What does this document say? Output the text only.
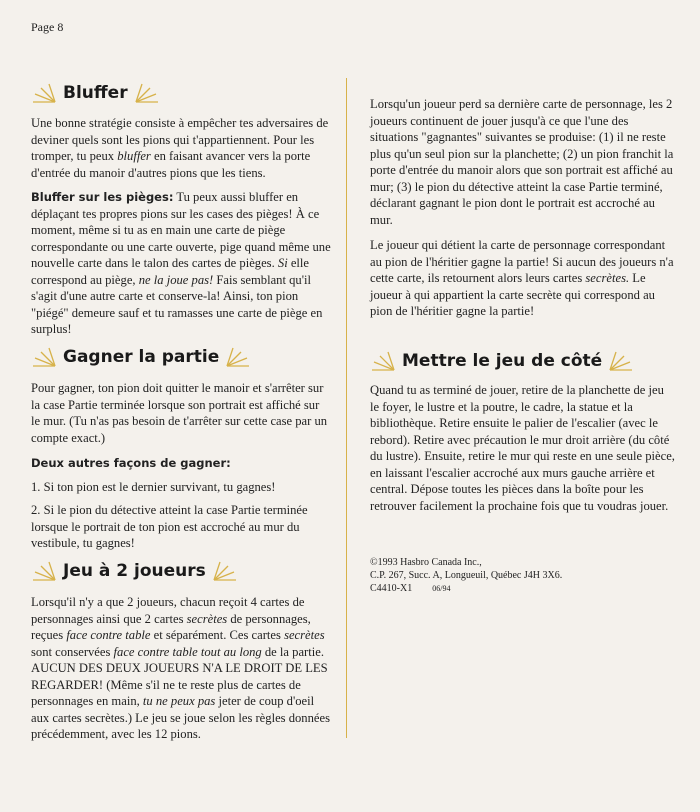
Page 8
Bluffer

Une bonne stratégie consiste à empêcher tes adversaires de deviner quels sont les pions qui t'appartiennent. Pour les tromper, tu peux bluffer en faisant avancer vers la porte d'entrée du manoir d'autres pions que les tiens.

Bluffer sur les pièges: Tu peux aussi bluffer en déplaçant tes propres pions sur les cases des pièges! À ce moment, même si tu as en main une carte de piège correspondante ou une carte ouverte, pige quand même une nouvelle carte dans le talon des cartes de pièges. Si elle correspond au piège, ne la joue pas! Fais semblant qu'il s'agit d'une autre carte et conserve-la! Ainsi, ton pion "piégé" demeure sauf et tu ramasses une carte de piège en surplus!

Gagner la partie

Pour gagner, ton pion doit quitter le manoir et s'arrêter sur la case Partie terminée lorsque son portrait est affiché sur le mur. (Tu n'as pas besoin de t'arrêter sur cette case par un compte exact.)

Deux autres façons de gagner:

1. Si ton pion est le dernier survivant, tu gagnes!

2. Si le pion du détective atteint la case Partie terminée lorsque le portrait de ton pion est accroché au mur du vestibule, tu gagnes!

Jeu à 2 joueurs

Lorsqu'il n'y a que 2 joueurs, chacun reçoit 4 cartes de personnages ainsi que 2 cartes secrètes de personnages, reçues face contre table et séparément. Ces cartes secrètes sont conservées face contre table tout au long de la partie. AUCUN DES DEUX JOUEURS N'A LE DROIT DE LES REGARDER! (Même s'il ne te reste plus de cartes de personnages en main, tu ne peux pas jeter de coup d'oeil aux cartes secrètes.) Le jeu se joue selon les règles données précédemment, avec les 12 pions.

Lorsqu'un joueur perd sa dernière carte de personnage, les 2 joueurs continuent de jouer jusqu'à ce que l'une des situations "gagnantes" suivantes se produise: (1) il ne reste plus qu'un seul pion sur la planchette; (2) un pion franchit la porte d'entrée du manoir alors que son portrait est affiché au mur; (3) le pion du détective atteint la case Partie terminé, déclarant gagnant le pion dont le portrait est accroché au mur.

Le joueur qui détient la carte de personnage correspondant au pion de l'héritier gagne la partie! Si aucun des joueurs n'a cette carte, ils retournent alors leurs cartes secrètes. Le joueur à qui appartient la carte secrète qui correspond au pion de l'héritier gagne la partie!

Mettre le jeu de côté

Quand tu as terminé de jouer, retire de la planchette de jeu le foyer, le lustre et la poutre, le cadre, la statue et la bibliothèque. Retire ensuite le palier de l'escalier (avec le rebord). Retire avec précaution le mur droit arrière (du côté du lustre). Ensuite, retire le mur qui reste en une seule pièce, en laissant l'escalier accroché aux murs gauche arrière et central. Dépose toutes les pièces dans la boîte pour les retrouver facilement la prochaine fois que tu voudras jouer.

©1993 Hasbro Canada Inc.,
C.P. 267, Succ. A, Longueuil, Québec J4H 3X6.
C4410-X1	06/94
